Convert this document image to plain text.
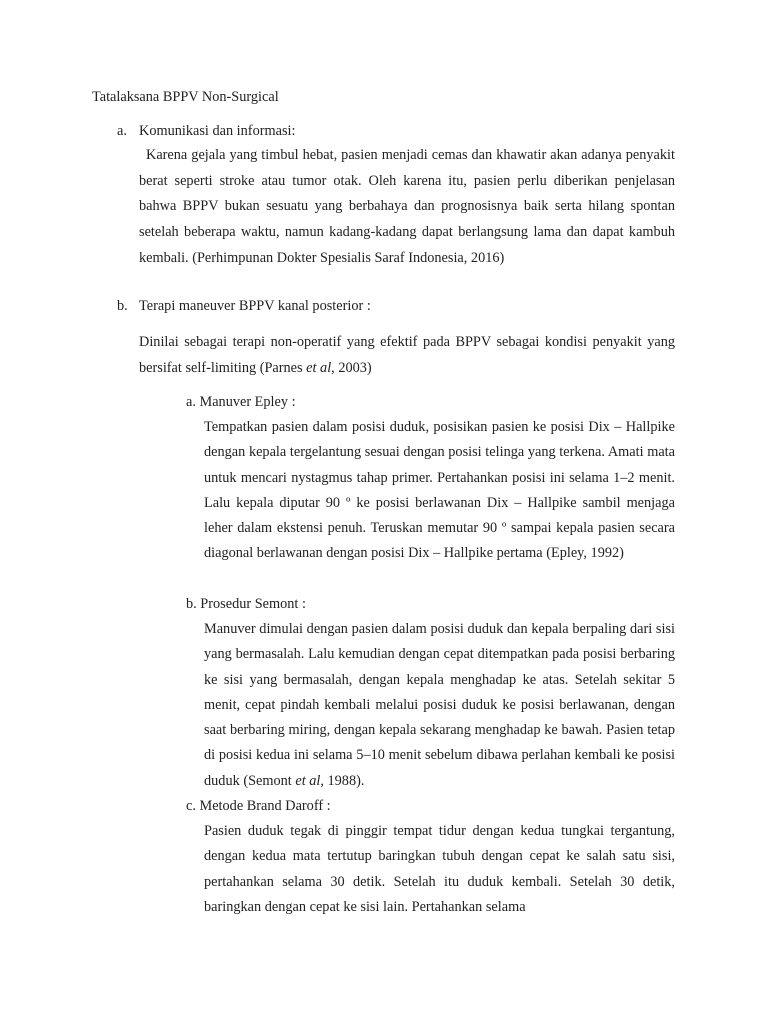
Tatalaksana BPPV Non-Surgical
a. Komunikasi dan informasi:

Karena gejala yang timbul hebat, pasien menjadi cemas dan khawatir akan adanya penyakit berat seperti stroke atau tumor otak. Oleh karena itu, pasien perlu diberikan penjelasan bahwa BPPV bukan sesuatu yang berbahaya dan prognosisnya baik serta hilang spontan setelah beberapa waktu, namun kadang-kadang dapat berlangsung lama dan dapat kambuh kembali. (Perhimpunan Dokter Spesialis Saraf Indonesia, 2016)

b. Terapi maneuver BPPV kanal posterior :

Dinilai sebagai terapi non-operatif yang efektif pada BPPV sebagai kondisi penyakit yang bersifat self-limiting (Parnes et al, 2003)

a. Manuver Epley :

Tempatkan pasien dalam posisi duduk, posisikan pasien ke posisi Dix – Hallpike dengan kepala tergelantung sesuai dengan posisi telinga yang terkena. Amati mata untuk mencari nystagmus tahap primer. Pertahankan posisi ini selama 1–2 menit. Lalu kepala diputar 90 º ke posisi berlawanan Dix – Hallpike sambil menjaga leher dalam ekstensi penuh. Teruskan memutar 90 º sampai kepala pasien secara diagonal berlawanan dengan posisi Dix – Hallpike pertama (Epley, 1992)

b. Prosedur Semont :

Manuver dimulai dengan pasien dalam posisi duduk dan kepala berpaling dari sisi yang bermasalah. Lalu kemudian dengan cepat ditempatkan pada posisi berbaring ke sisi yang bermasalah, dengan kepala menghadap ke atas. Setelah sekitar 5 menit, cepat pindah kembali melalui posisi duduk ke posisi berlawanan, dengan saat berbaring miring, dengan kepala sekarang menghadap ke bawah. Pasien tetap di posisi kedua ini selama 5–10 menit sebelum dibawa perlahan kembali ke posisi duduk (Semont et al, 1988).

c. Metode Brand Daroff :

Pasien duduk tegak di pinggir tempat tidur dengan kedua tungkai tergantung, dengan kedua mata tertutup baringkan tubuh dengan cepat ke salah satu sisi, pertahankan selama 30 detik. Setelah itu duduk kembali. Setelah 30 detik, baringkan dengan cepat ke sisi lain. Pertahankan selama
